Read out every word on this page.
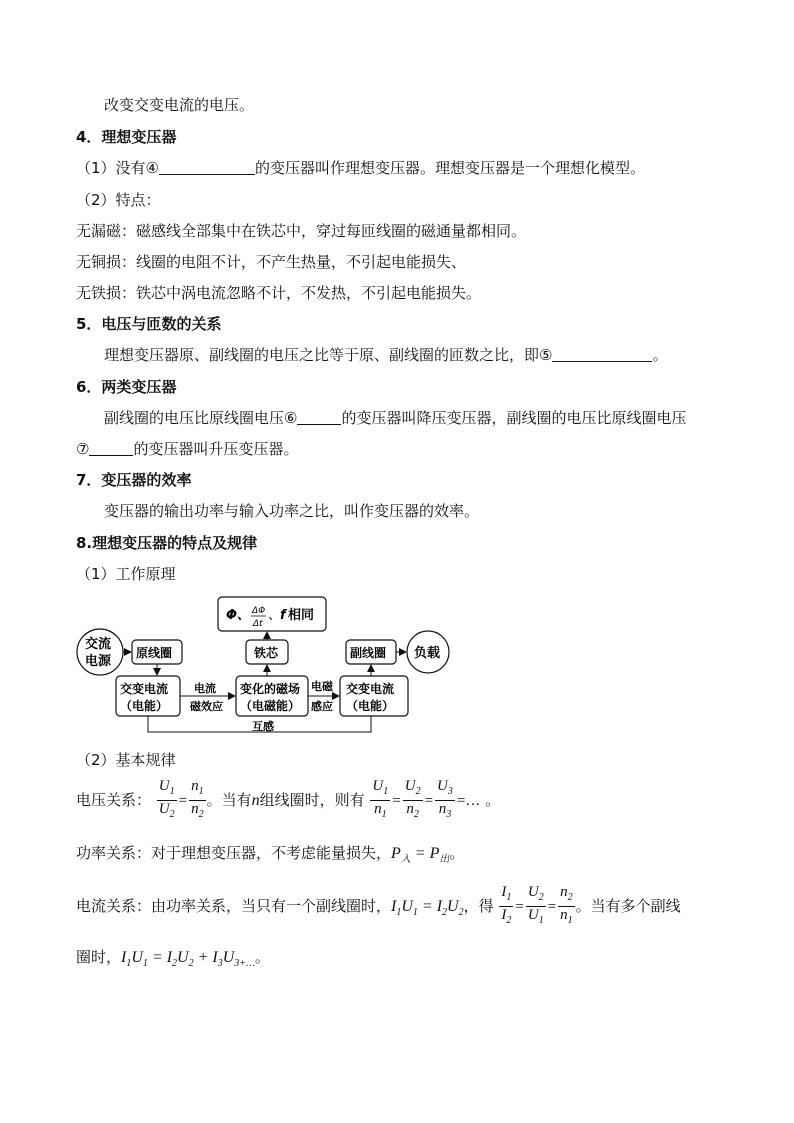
改变交变电流的电压。
4．理想变压器
（1）没有④	的变压器叫作理想变压器。理想变压器是一个理想化模型。
（2）特点：
无漏磁：磁感线全部集中在铁芯中，穿过每匝线圈的磁通量都相同。
无铜损：线圈的电阻不计，不产生热量，不引起电能损失、
无铁损：铁芯中涡电流忽略不计，不发热，不引起电能损失。
5．电压与匝数的关系
理想变压器原、副线圈的电压之比等于原、副线圈的匝数之比，即⑤	。
6．两类变压器
副线圈的电压比原线圈电压⑥	的变压器叫降压变压器，副线圈的电压比原线圈电压
⑦	的变压器叫升压变压器。
7．变压器的效率
变压器的输出功率与输入功率之比，叫作变压器的效率。
8.理想变压器的特点及规律
（1）工作原理
Φ、 ΔΦ
Δt
、
f 相同
交流
电源
原线圈	铁芯	副线圈 负载
交变电流
（电能）
变化的磁场
（电磁能）
交变电流
（电能）
电流
磁效应
电磁
感应
互感
（2）基本规律
电压关系： $\frac{U_1}{U_2} = \frac{n_1}{n_2}$ 。当有n组线圈时，则有 $\frac{U_1}{n_1} = \frac{U_2}{n_2} = \frac{U_3}{n_3}$ =… 。
功率关系：对于理想变压器，不考虑能量损失，$P_入 = P_出$。
电流关系：由功率关系，当只有一个副线圈时，$I_1U_1 = I_2U_2$，得 $\frac{I_1}{I_2} = \frac{U_2}{U_1} = \frac{n_2}{n_1}$ 。当有多个副线
圈时，$I_1U_1 = I_2U_2 + I_3U_{3+\dots}$。
